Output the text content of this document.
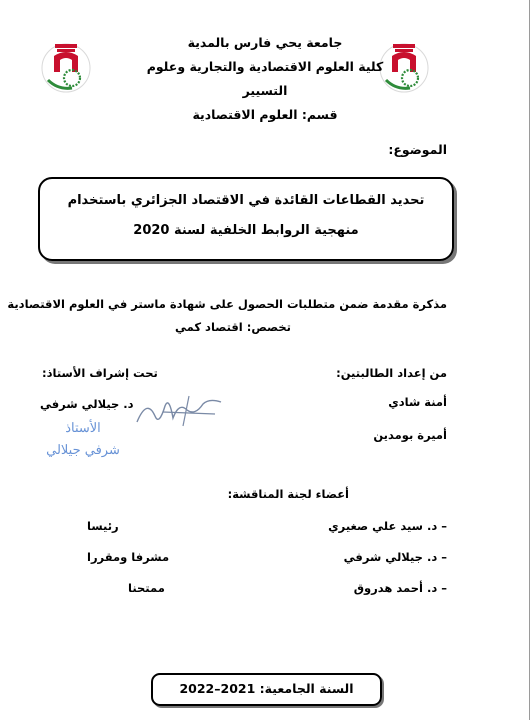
جامعة يحي فارس بالمدية
كلية العلوم الاقتصادية والتجارية وعلوم
التسيير
قسم: العلوم الاقتصادية
الموضوع:
تحديد القطاعات القائدة في الاقتصاد الجزائري باستخدام منهجية الروابط الخلفية لسنة 2020
مذكرة مقدمة ضمن متطلبات الحصول على شهادة ماستر في العلوم الاقتصادية
تخصص: اقتصاد كمي
من إعداد الطالبتين:
تحت إشراف الأستاذ:
أمنة شادي
أميرة بومدين
د. جيلالي شرفي
الأستاذ
شرفي جيلالي
أعضاء لجنة المناقشة:
– د. سيد علي صغيري
رئيسا
– د. جيلالي شرفي
مشرفا ومقررا
– د. أحمد هدروق
ممتحنا
السنة الجامعية: 2021–2022
